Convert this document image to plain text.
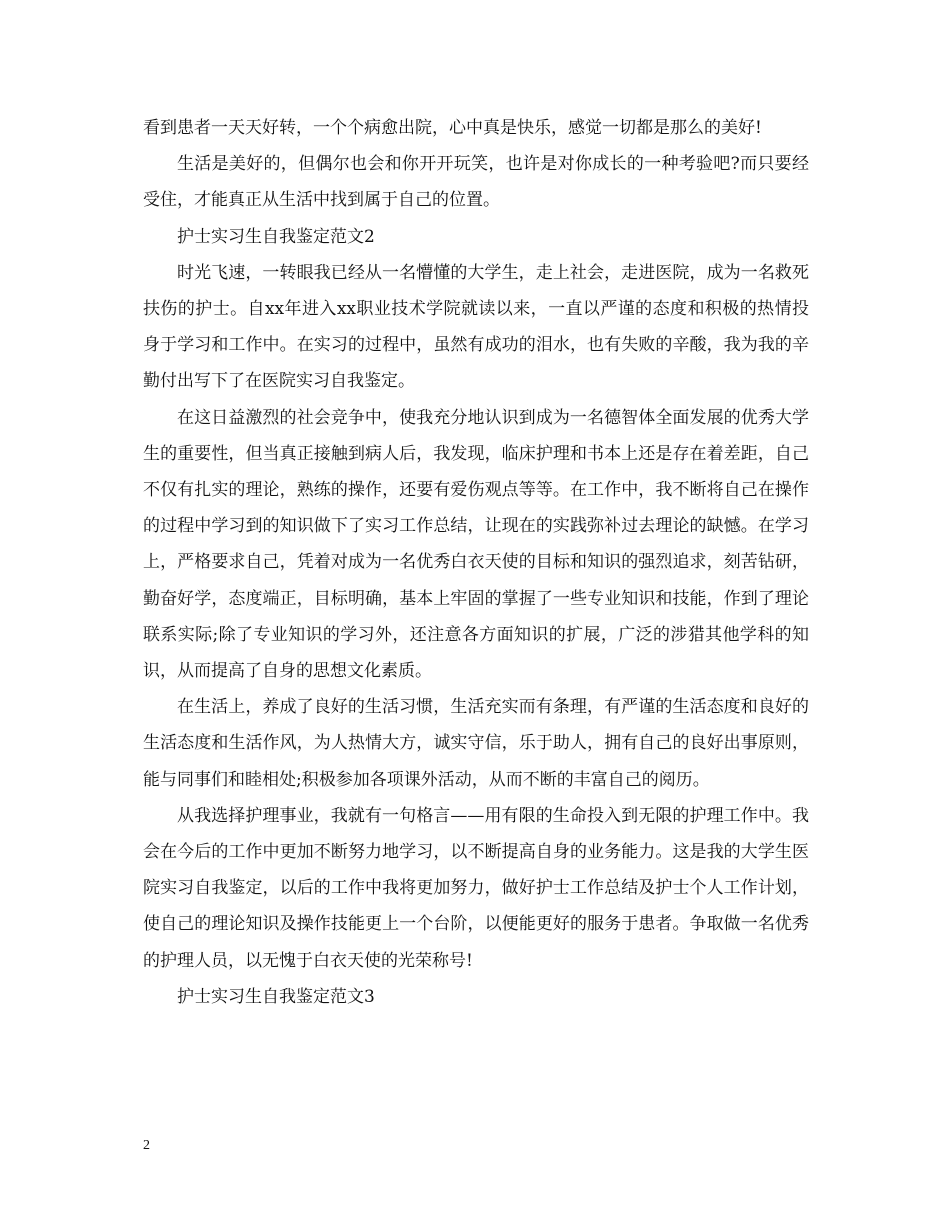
看到患者一天天好转，一个个病愈出院，心中真是快乐，感觉一切都是那么的美好!

生活是美好的，但偶尔也会和你开开玩笑，也许是对你成长的一种考验吧?而只要经受住，才能真正从生活中找到属于自己的位置。

护士实习生自我鉴定范文2

时光飞速，一转眼我已经从一名懵懂的大学生，走上社会，走进医院，成为一名救死扶伤的护士。自xx年进入xx职业技术学院就读以来，一直以严谨的态度和积极的热情投身于学习和工作中。在实习的过程中，虽然有成功的泪水，也有失败的辛酸，我为我的辛勤付出写下了在医院实习自我鉴定。

在这日益激烈的社会竞争中，使我充分地认识到成为一名德智体全面发展的优秀大学生的重要性，但当真正接触到病人后，我发现，临床护理和书本上还是存在着差距，自己不仅有扎实的理论，熟练的操作，还要有爱伤观点等等。在工作中，我不断将自己在操作的过程中学习到的知识做下了实习工作总结，让现在的实践弥补过去理论的缺憾。在学习上，严格要求自己，凭着对成为一名优秀白衣天使的目标和知识的强烈追求，刻苦钻研，勤奋好学，态度端正，目标明确，基本上牢固的掌握了一些专业知识和技能，作到了理论联系实际;除了专业知识的学习外，还注意各方面知识的扩展，广泛的涉猎其他学科的知识，从而提高了自身的思想文化素质。

在生活上，养成了良好的生活习惯，生活充实而有条理，有严谨的生活态度和良好的生活态度和生活作风，为人热情大方，诚实守信，乐于助人，拥有自己的良好出事原则，能与同事们和睦相处;积极参加各项课外活动，从而不断的丰富自己的阅历。

从我选择护理事业，我就有一句格言——用有限的生命投入到无限的护理工作中。我会在今后的工作中更加不断努力地学习，以不断提高自身的业务能力。这是我的大学生医院实习自我鉴定，以后的工作中我将更加努力，做好护士工作总结及护士个人工作计划，使自己的理论知识及操作技能更上一个台阶，以便能更好的服务于患者。争取做一名优秀的护理人员，以无愧于白衣天使的光荣称号!

护士实习生自我鉴定范文3

2
